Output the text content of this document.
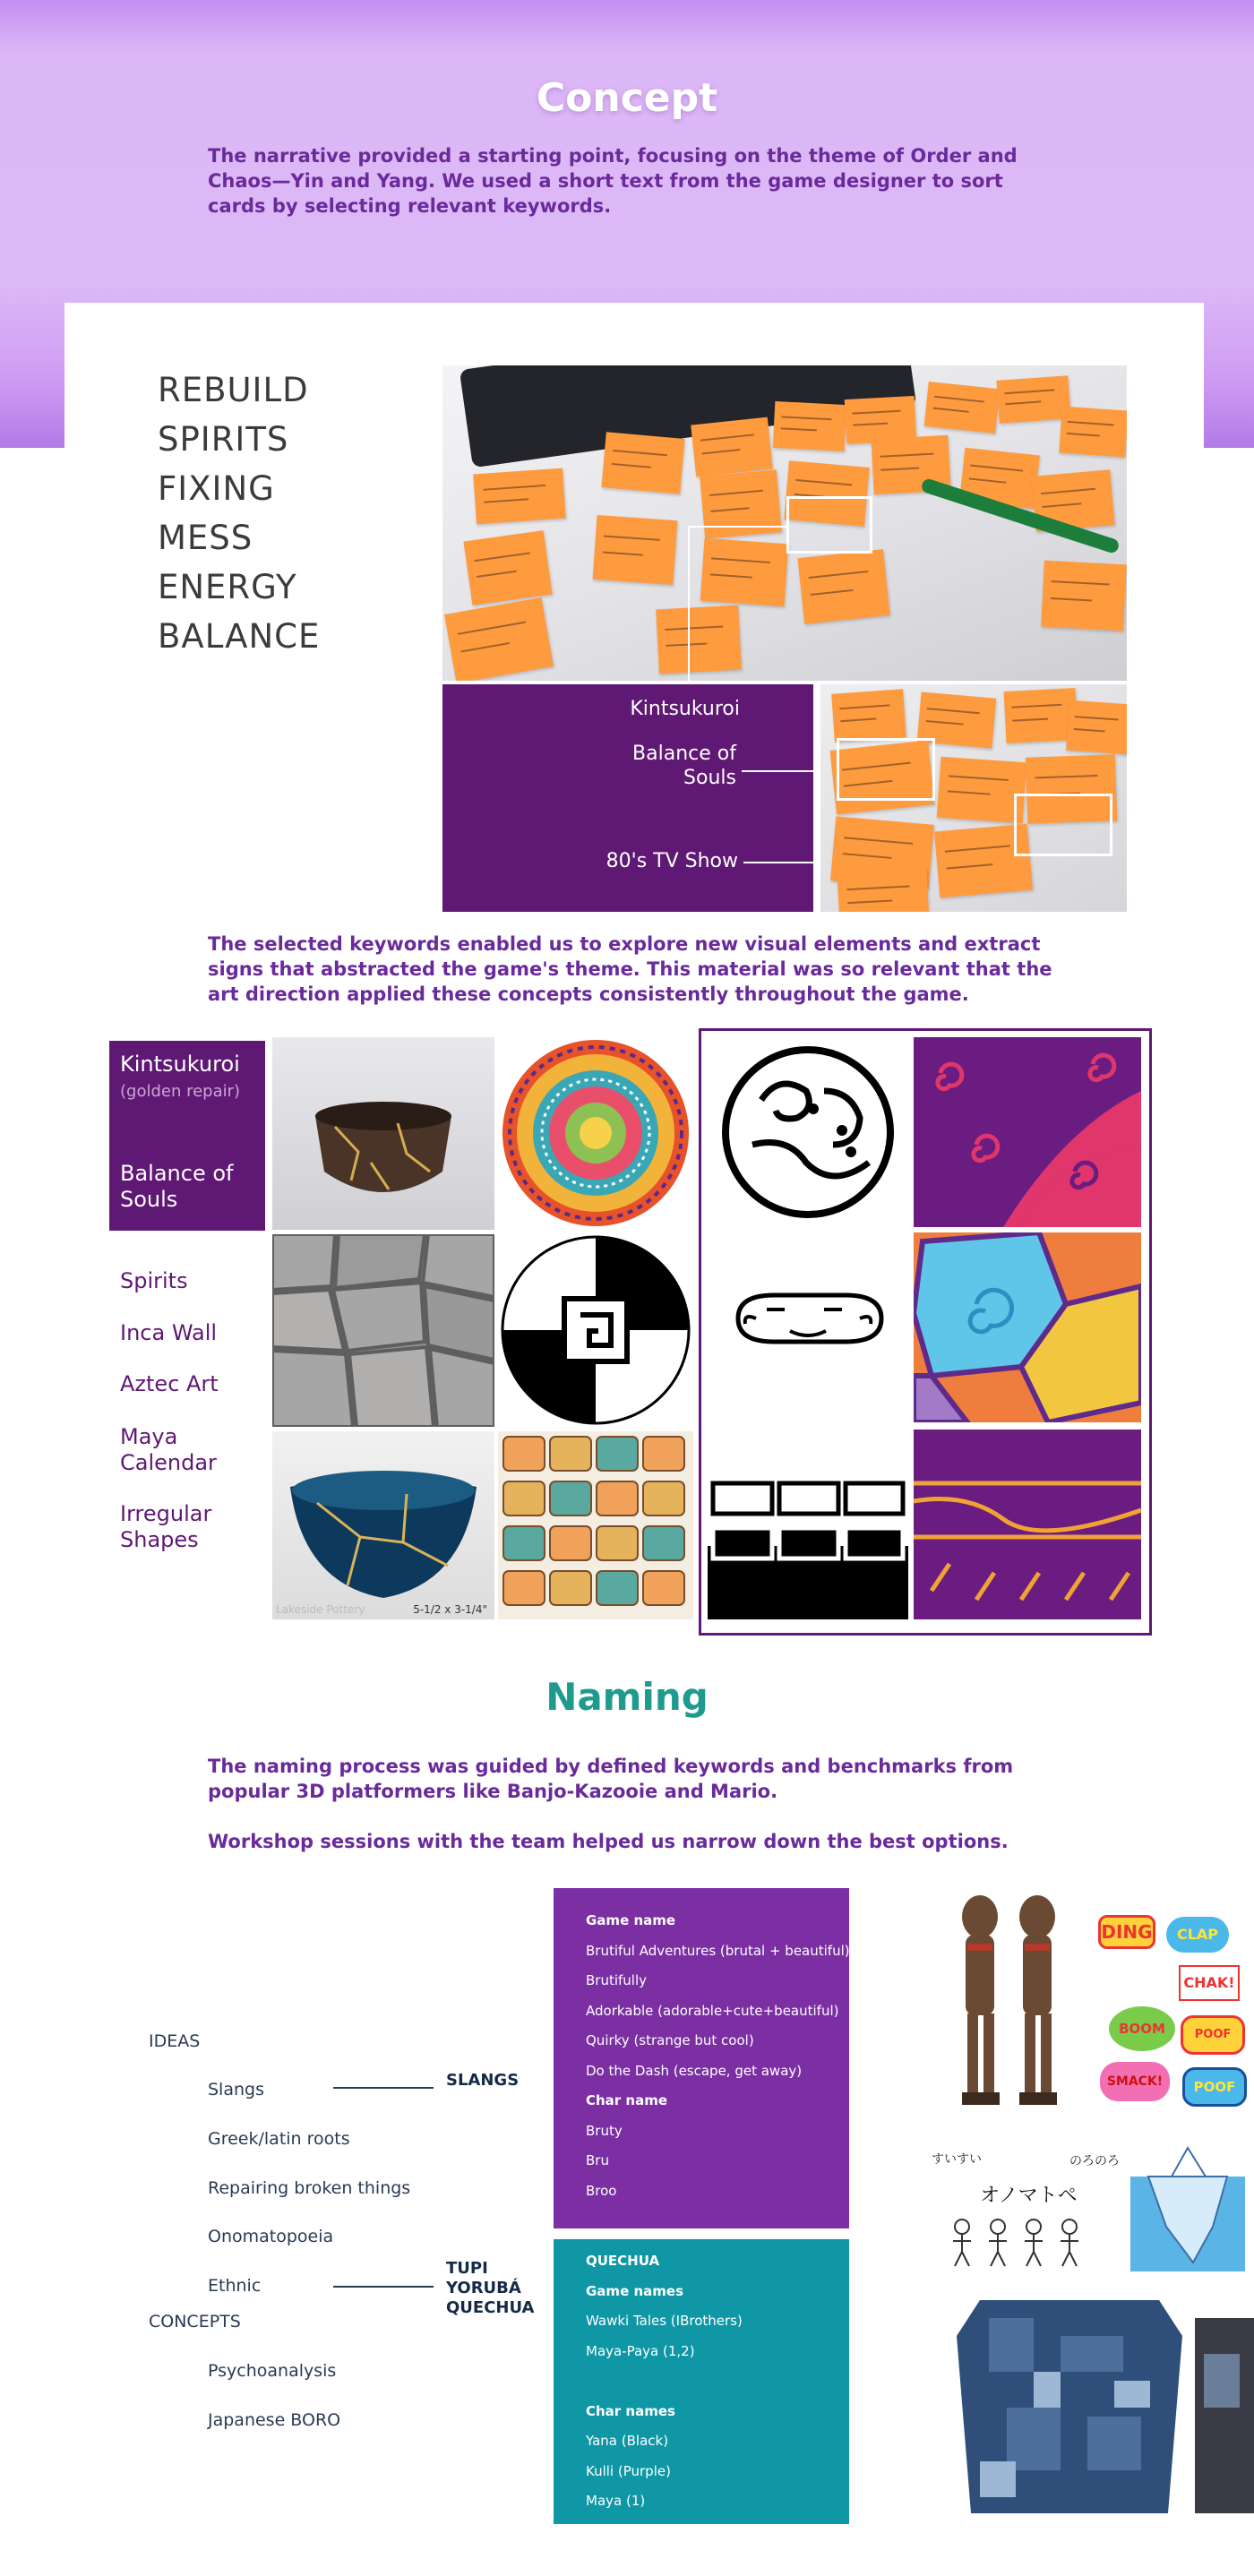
Concept
The narrative provided a starting point, focusing on the theme of Order and Chaos—Yin and Yang. We used a short text from the game designer to sort cards by selecting relevant keywords.
REBUILD
SPIRITS
FIXING
MESS
ENERGY
BALANCE
Kintsukuroi
Balance of Souls
80's TV Show
The selected keywords enabled us to explore new visual elements and extract signs that abstracted the game's theme. This material was so relevant that the art direction applied these concepts consistently throughout the game.
Kintsukuroi
(golden repair)
Balance of Souls
Spirits
Inca Wall
Aztec Art
Maya Calendar
Irregular Shapes
Lakeside Pottery	5-1/2 x 3-1/4"
Naming
The naming process was guided by defined keywords and benchmarks from popular 3D platformers like Banjo-Kazooie and Mario.
Workshop sessions with the team helped us narrow down the best options.
IDEAS
Slangs
Greek/latin roots
Repairing broken things
Onomatopoeia
Ethnic
CONCEPTS
Psychoanalysis
Japanese BORO
SLANGS
TUPI
YORUBÁ
QUECHUA
Game name
Brutiful Adventures (brutal + beautiful)
Brutifully
Adorkable (adorable+cute+beautiful)
Quirky (strange but cool)
Do the Dash (escape, get away)
Char name
Bruty
Bru
Broo
QUECHUA
Game names
Wawki Tales (IBrothers)
Maya-Paya (1,2)
Char names
Yana (Black)
Kulli (Purple)
Maya (1)
DING	CLAP
CHAK!
BOOM	POOF
SMACK!	POOF
すいすい	のろのろ
オノマトペ
